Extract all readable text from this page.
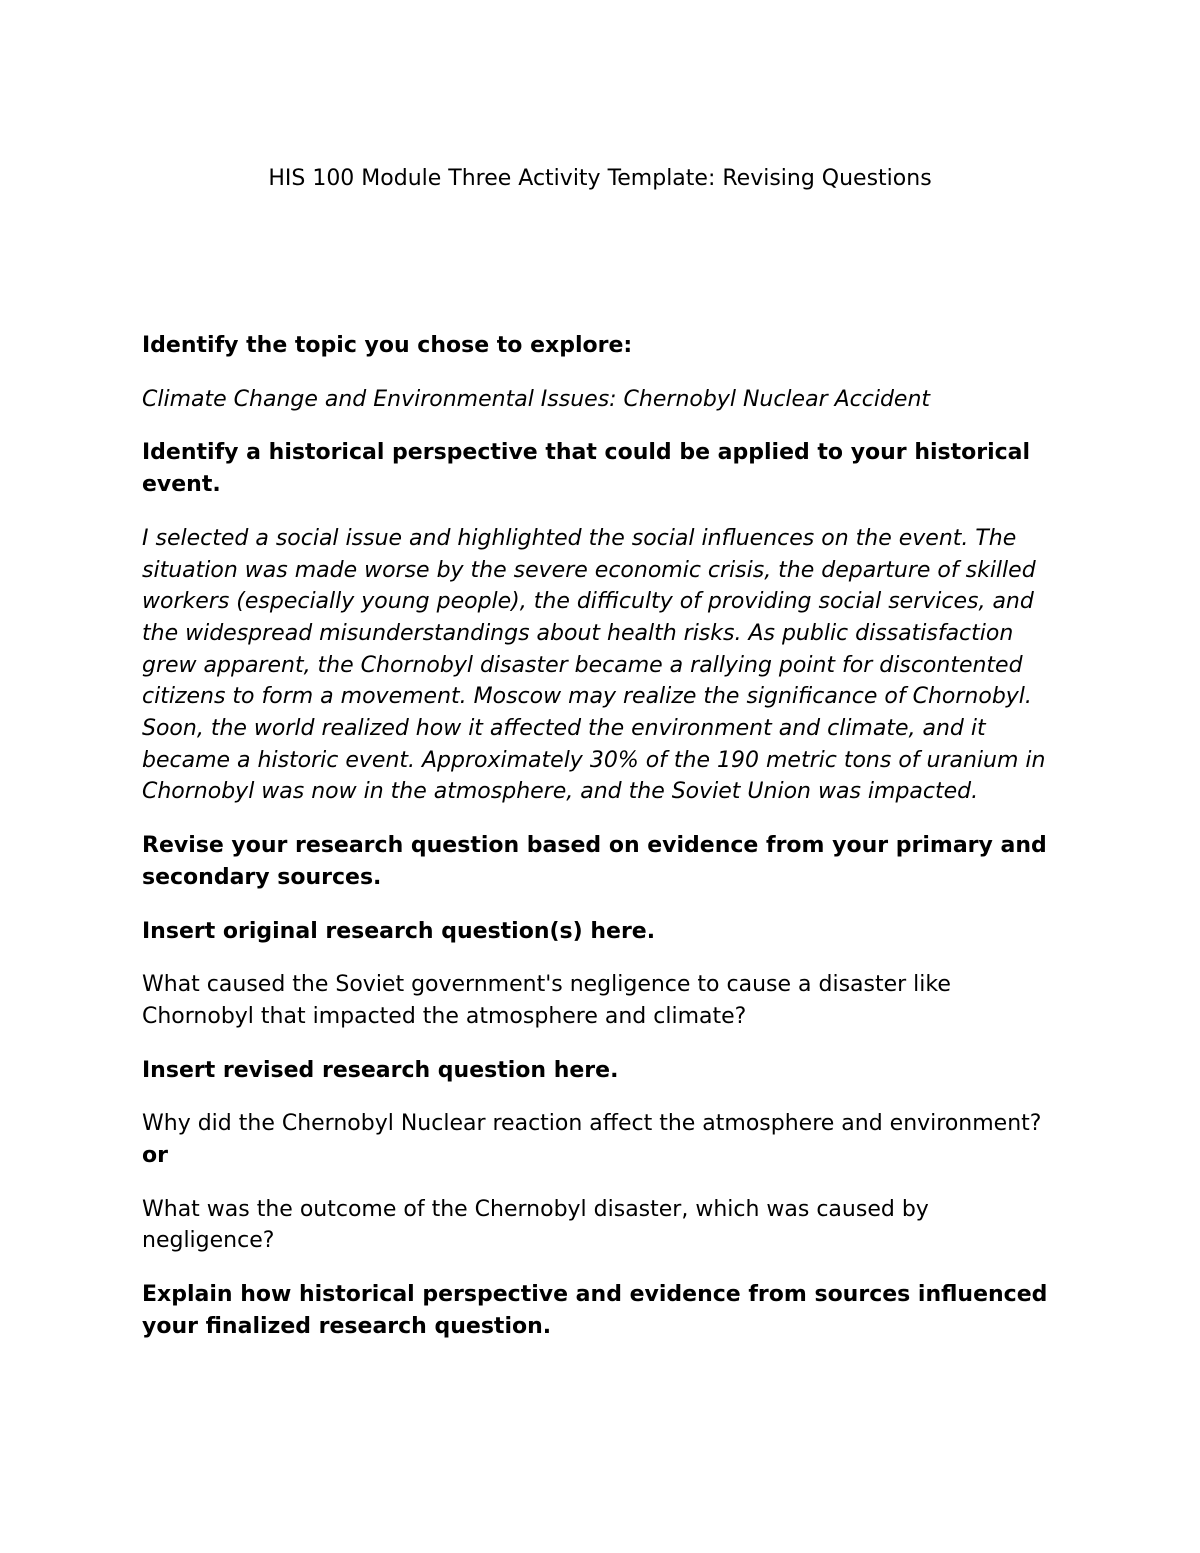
HIS 100 Module Three Activity Template: Revising Questions

Identify the topic you chose to explore:

Climate Change and Environmental Issues: Chernobyl Nuclear Accident

Identify a historical perspective that could be applied to your historical event.

I selected a social issue and highlighted the social influences on the event. The situation was made worse by the severe economic crisis, the departure of skilled workers (especially young people), the difficulty of providing social services, and the widespread misunderstandings about health risks. As public dissatisfaction grew apparent, the Chornobyl disaster became a rallying point for discontented citizens to form a movement. Moscow may realize the significance of Chornobyl. Soon, the world realized how it affected the environment and climate, and it became a historic event. Approximately 30% of the 190 metric tons of uranium in Chornobyl was now in the atmosphere, and the Soviet Union was impacted.

Revise your research question based on evidence from your primary and secondary sources.

Insert original research question(s) here.

What caused the Soviet government's negligence to cause a disaster like Chornobyl that impacted the atmosphere and climate?

Insert revised research question here.

Why did the Chernobyl Nuclear reaction affect the atmosphere and environment? or

What was the outcome of the Chernobyl disaster, which was caused by negligence?

Explain how historical perspective and evidence from sources influenced your finalized research question.
